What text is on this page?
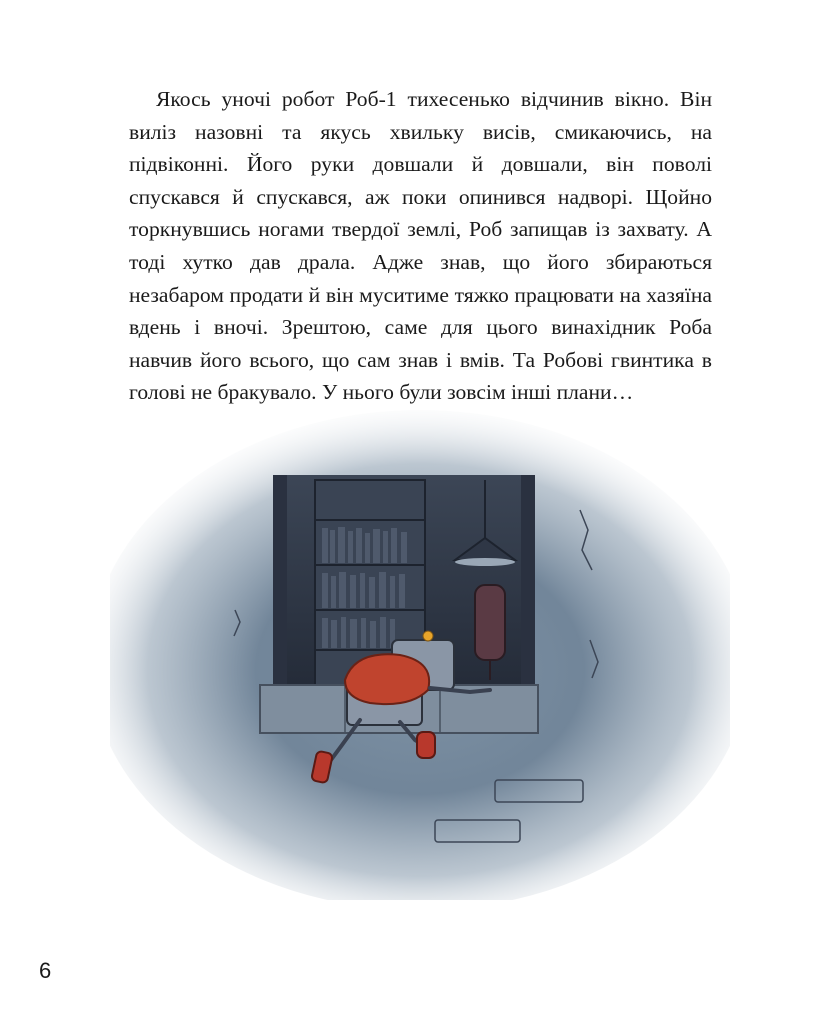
Якось уночі робот Роб-1 тихесенько відчинив вікно. Він виліз назовні та якусь хвильку висів, смикаючись, на підвіконні. Його руки довшали й довшали, він поволі спускався й спускався, аж поки опинився надворі. Щойно торкнувшись ногами твердої землі, Роб запищав із захвату. А тоді хутко дав драла. Адже знав, що його збираються незабаром продати й він муситиме тяжко працювати на хазяїна вдень і вночі. Зрештою, саме для цього винахідник Роба навчив його всього, що сам знав і вмів. Та Робові гвинтика в голові не бракувало. У нього були зовсім інші плани…

6
